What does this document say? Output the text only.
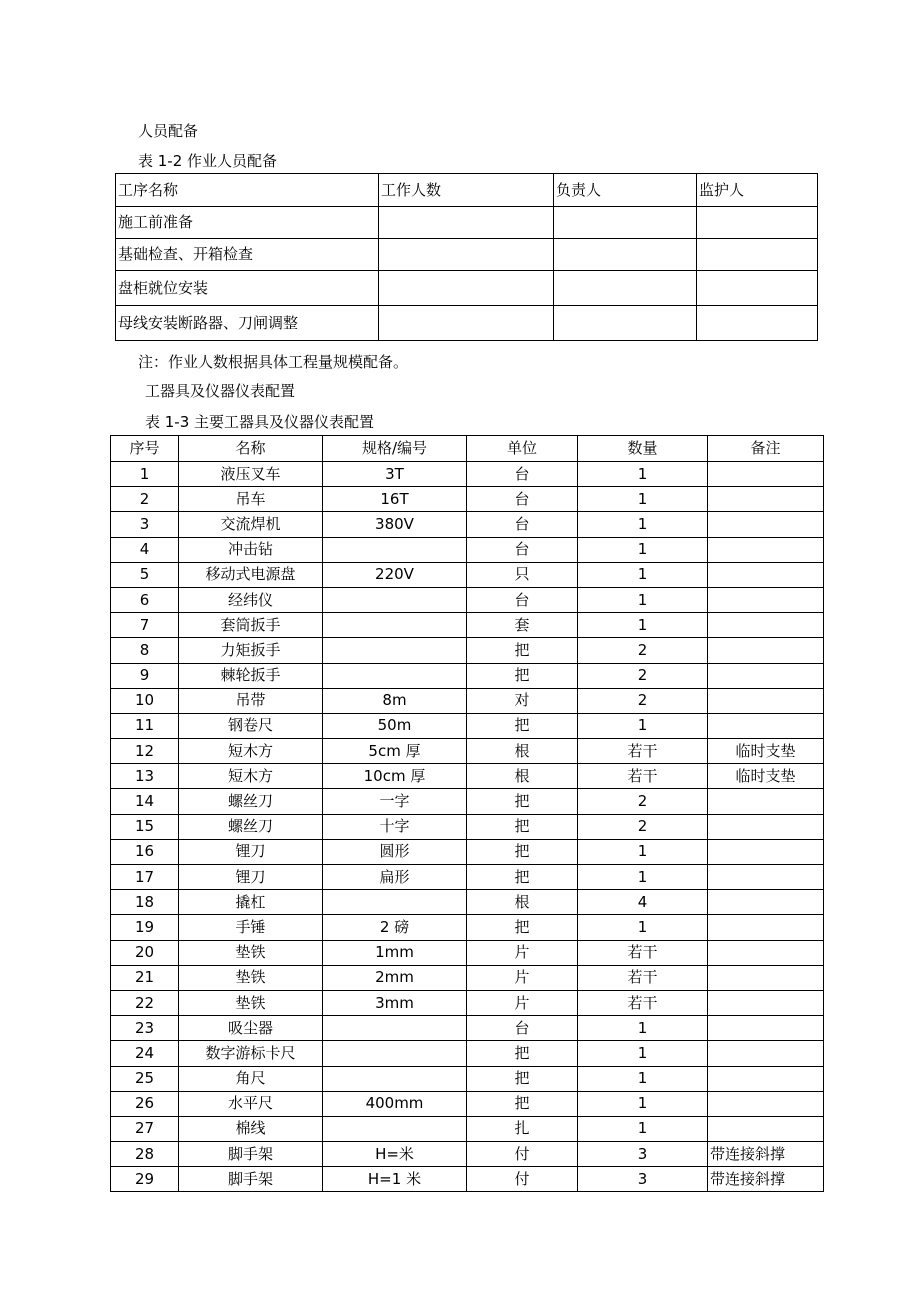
人员配备
表 1-2 作业人员配备
工序名称	工作人数	负责人	监护人
施工前准备			
基础检查、开箱检查			
盘柜就位安装			
母线安装断路器、刀闸调整			
注：作业人数根据具体工程量规模配备。
工器具及仪器仪表配置
表 1-3 主要工器具及仪器仪表配置
序号	名称	规格/编号	单位	数量	备注
1	液压叉车	3T	台	1	
2	吊车	16T	台	1	
3	交流焊机	380V	台	1	
4	冲击钻		台	1	
5	移动式电源盘	220V	只	1	
6	经纬仪		台	1	
7	套筒扳手		套	1	
8	力矩扳手		把	2	
9	棘轮扳手		把	2	
10	吊带	8m	对	2	
11	钢卷尺	50m	把	1	
12	短木方	5cm 厚	根	若干	临时支垫
13	短木方	10cm 厚	根	若干	临时支垫
14	螺丝刀	一字	把	2	
15	螺丝刀	十字	把	2	
16	锂刀	圆形	把	1	
17	锂刀	扁形	把	1	
18	撬杠		根	4	
19	手锤	2 磅	把	1	
20	垫铁	1mm	片	若干	
21	垫铁	2mm	片	若干	
22	垫铁	3mm	片	若干	
23	吸尘器		台	1	
24	数字游标卡尺		把	1	
25	角尺		把	1	
26	水平尺	400mm	把	1	
27	棉线		扎	1	
28	脚手架	H=米	付	3	带连接斜撑
29	脚手架	H=1 米	付	3	带连接斜撑
